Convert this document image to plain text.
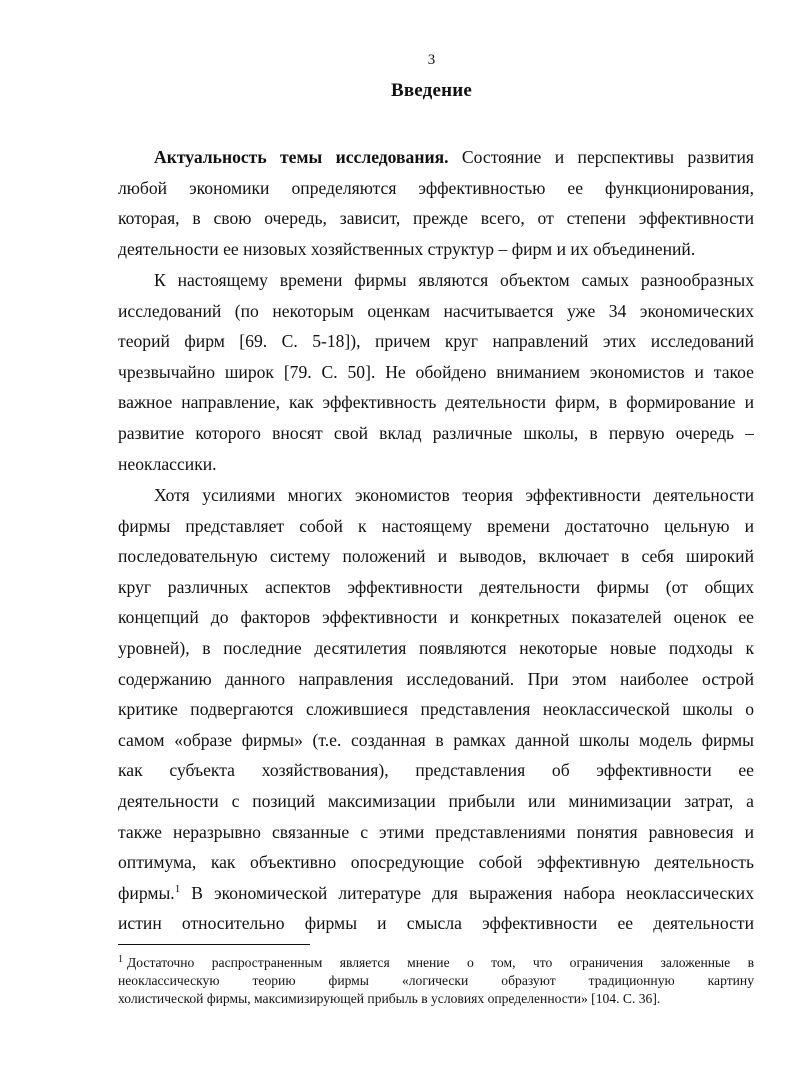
3
Введение
Актуальность темы исследования. Состояние и перспективы развития
любой экономики определяются эффективностью ее функционирования,
которая, в свою очередь, зависит, прежде всего, от степени эффективности
деятельности ее низовых хозяйственных структур – фирм и их объединений.
К настоящему времени фирмы являются объектом самых разнообразных
исследований (по некоторым оценкам насчитывается уже 34 экономических
теорий фирм [69. С. 5-18]), причем круг направлений этих исследований
чрезвычайно широк [79. С. 50]. Не обойдено вниманием экономистов и такое
важное направление, как эффективность деятельности фирм, в формирование и
развитие которого вносят свой вклад различные школы, в первую очередь –
неоклассики.
Хотя усилиями многих экономистов теория эффективности деятельности
фирмы представляет собой к настоящему времени достаточно цельную и
последовательную систему положений и выводов, включает в себя широкий
круг различных аспектов эффективности деятельности фирмы (от общих
концепций до факторов эффективности и конкретных показателей оценок ее
уровней), в последние десятилетия появляются некоторые новые подходы к
содержанию данного направления исследований. При этом наиболее острой
критике подвергаются сложившиеся представления неоклассической школы о
самом «образе фирмы» (т.е. созданная в рамках данной школы модель фирмы
как субъекта хозяйствования), представления об эффективности ее
деятельности с позиций максимизации прибыли или минимизации затрат, а
также неразрывно связанные с этими представлениями понятия равновесия и
оптимума, как объективно опосредующие собой эффективную деятельность
фирмы.$^1$ В экономической литературе для выражения набора неоклассических
истин относительно фирмы и смысла эффективности ее деятельности
$^1$ Достаточно распространенным является мнение о том, что ограничения заложенные в
неоклассическую теорию фирмы «логически образуют традиционную картину
холистической фирмы, максимизирующей прибыль в условиях определенности» [104. С. 36].
